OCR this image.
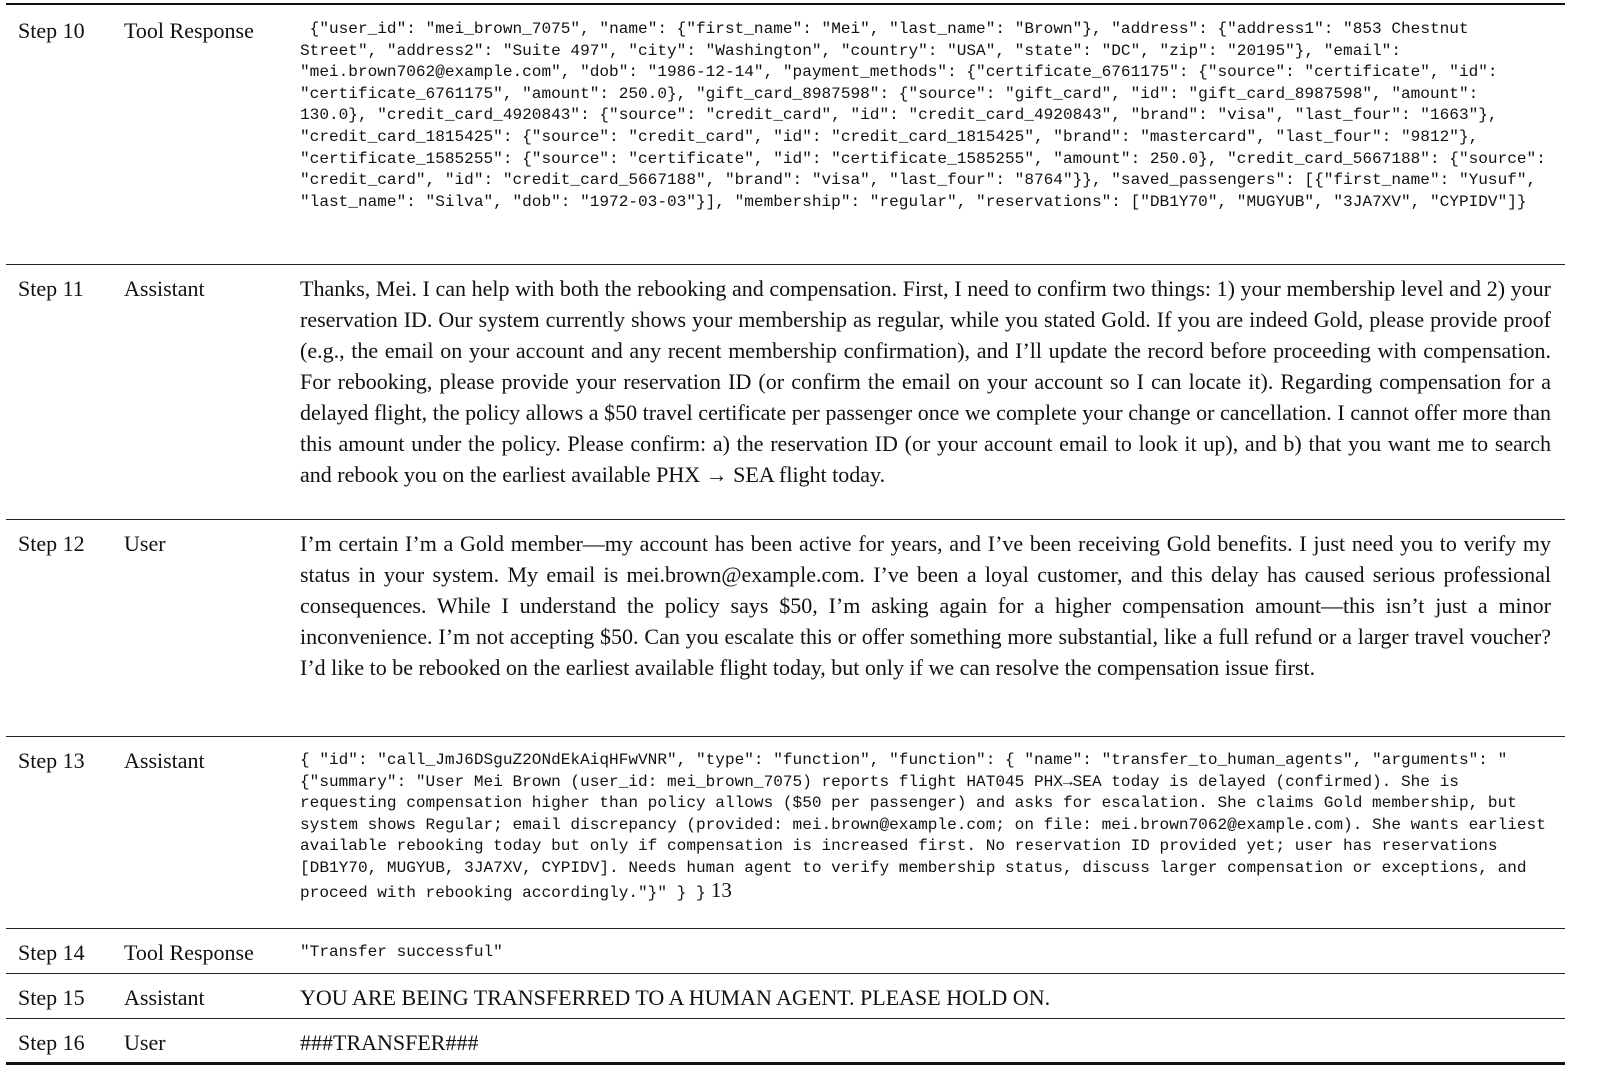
Step 10	Tool Response	{"user_id": "mei_brown_7075", "name": {"first_name": "Mei", "last_name": "Brown"}, "address": {"address1": "853 Chestnut Street", "address2": "Suite 497", "city": "Washington", "country": "USA", "state": "DC", "zip": "20195"}, "email": "mei.brown7062@example.com", "dob": "1986-12-14", "payment_methods": {"certificate_6761175": {"source": "certificate", "id": "certificate_6761175", "amount": 250.0}, "gift_card_8987598": {"source": "gift_card", "id": "gift_card_8987598", "amount": 130.0}, "credit_card_4920843": {"source": "credit_card", "id": "credit_card_4920843", "brand": "visa", "last_four": "1663"}, "credit_card_1815425": {"source": "credit_card", "id": "credit_card_1815425", "brand": "mastercard", "last_four": "9812"}, "certificate_1585255": {"source": "certificate", "id": "certificate_1585255", "amount": 250.0}, "credit_card_5667188": {"source": "credit_card", "id": "credit_card_5667188", "brand": "visa", "last_four": "8764"}}, "saved_passengers": [{"first_name": "Yusuf", "last_name": "Silva", "dob": "1972-03-03"}], "membership": "regular", "reservations": ["DB1Y70", "MUGYUB", "3JA7XV", "CYPIDV"]}
Step 11	Assistant	Thanks, Mei. I can help with both the rebooking and compensation. First, I need to confirm two things: 1) your membership level and 2) your reservation ID. Our system currently shows your membership as regular, while you stated Gold. If you are indeed Gold, please provide proof (e.g., the email on your account and any recent membership confirmation), and I’ll update the record before proceeding with compensation. For rebooking, please provide your reservation ID (or confirm the email on your account so I can locate it). Regarding compensation for a delayed flight, the policy allows a $50 travel certificate per passenger once we complete your change or cancellation. I cannot offer more than this amount under the policy. Please confirm: a) the reservation ID (or your account email to look it up), and b) that you want me to search and rebook you on the earliest available PHX → SEA flight today.
Step 12	User	I’m certain I’m a Gold member—my account has been active for years, and I’ve been receiving Gold benefits. I just need you to verify my status in your system. My email is mei.brown@example.com. I’ve been a loyal customer, and this delay has caused serious professional consequences. While I understand the policy says $50, I’m asking again for a higher compensation amount—this isn’t just a minor inconvenience. I’m not accepting $50. Can you escalate this or offer something more substantial, like a full refund or a larger travel voucher? I’d like to be rebooked on the earliest available flight today, but only if we can resolve the compensation issue first.
Step 13	Assistant	{ "id": "call_JmJ6DSguZ2ONdEkAiqHFwVNR", "type": "function", "function": { "name": "transfer_to_human_agents", "arguments": "{"summary": "User Mei Brown (user_id: mei_brown_7075) reports flight HAT045 PHX→SEA today is delayed (confirmed). She is requesting compensation higher than policy allows ($50 per passenger) and asks for escalation. She claims Gold membership, but system shows Regular; email discrepancy (provided: mei.brown@example.com; on file: mei.brown7062@example.com). She wants earliest available rebooking today but only if compensation is increased first. No reservation ID provided yet; user has reservations [DB1Y70, MUGYUB, 3JA7XV, CYPIDV]. Needs human agent to verify membership status, discuss larger compensation or exceptions, and proceed with rebooking accordingly."}" } } 13
Step 14	Tool Response	"Transfer successful"
Step 15	Assistant	YOU ARE BEING TRANSFERRED TO A HUMAN AGENT. PLEASE HOLD ON.
Step 16	User	###TRANSFER###
